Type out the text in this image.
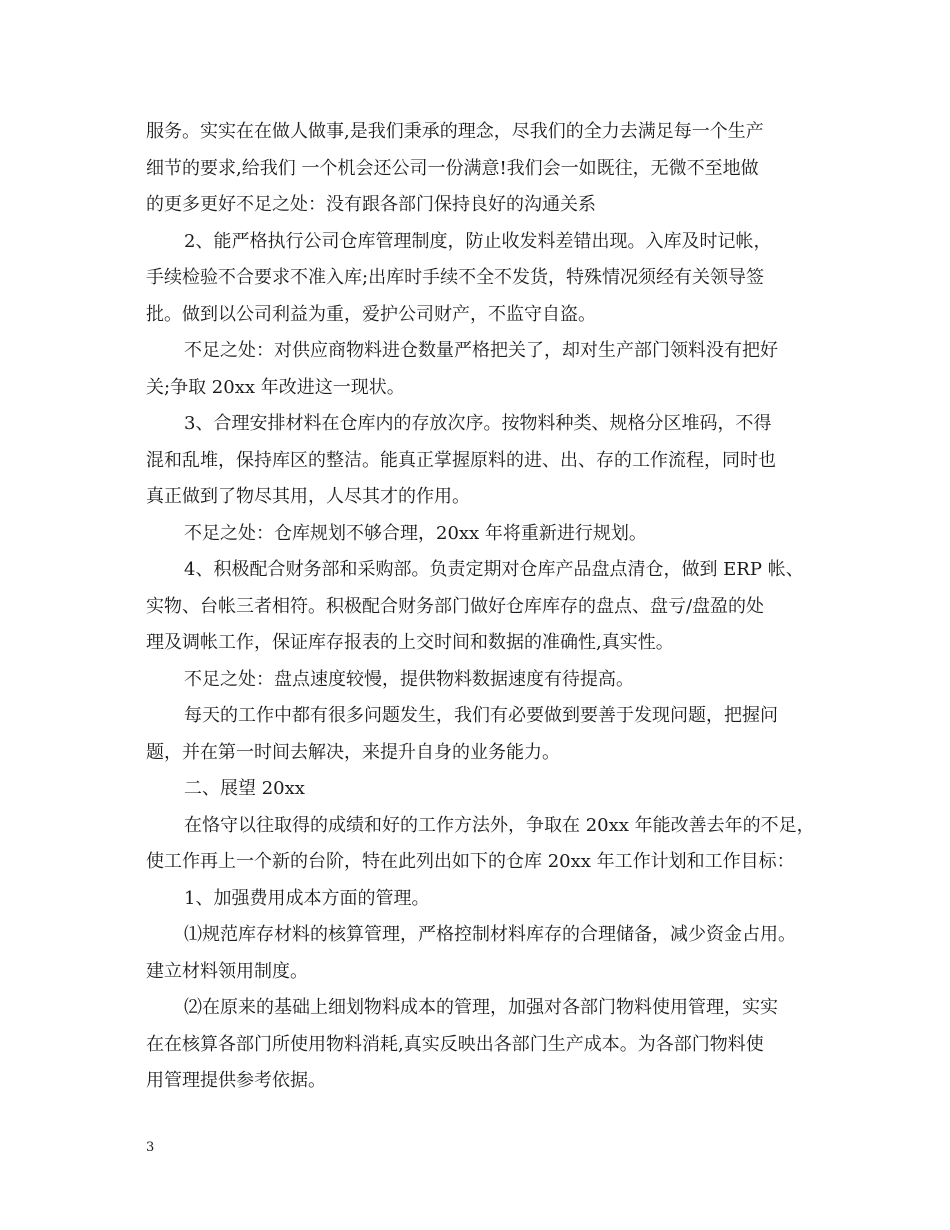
服务。实实在在做人做事,是我们秉承的理念，尽我们的全力去满足每一个生产
细节的要求,给我们 一个机会还公司一份满意!我们会一如既往，无微不至地做
的更多更好不足之处：没有跟各部门保持良好的沟通关系
2、能严格执行公司仓库管理制度，防止收发料差错出现。入库及时记帐，
手续检验不合要求不准入库;出库时手续不全不发货，特殊情况须经有关领导签
批。做到以公司利益为重，爱护公司财产，不监守自盗。
不足之处：对供应商物料进仓数量严格把关了，却对生产部门领料没有把好
关;争取 20xx 年改进这一现状。
3、合理安排材料在仓库内的存放次序。按物料种类、规格分区堆码，不得
混和乱堆，保持库区的整洁。能真正掌握原料的进、出、存的工作流程，同时也
真正做到了物尽其用，人尽其才的作用。
不足之处：仓库规划不够合理，20xx 年将重新进行规划。
4、积极配合财务部和采购部。负责定期对仓库产品盘点清仓，做到 ERP 帐、
实物、台帐三者相符。积极配合财务部门做好仓库库存的盘点、盘亏/盘盈的处
理及调帐工作，保证库存报表的上交时间和数据的准确性,真实性。
不足之处：盘点速度较慢，提供物料数据速度有待提高。
每天的工作中都有很多问题发生，我们有必要做到要善于发现问题，把握问
题，并在第一时间去解决，来提升自身的业务能力。
二、展望 20xx
在恪守以往取得的成绩和好的工作方法外，争取在 20xx 年能改善去年的不足，
使工作再上一个新的台阶，特在此列出如下的仓库 20xx 年工作计划和工作目标：
1、加强费用成本方面的管理。
⑴规范库存材料的核算管理，严格控制材料库存的合理储备，减少资金占用。
建立材料领用制度。
⑵在原来的基础上细划物料成本的管理，加强对各部门物料使用管理，实实
在在核算各部门所使用物料消耗,真实反映出各部门生产成本。为各部门物料使
用管理提供参考依据。
3
